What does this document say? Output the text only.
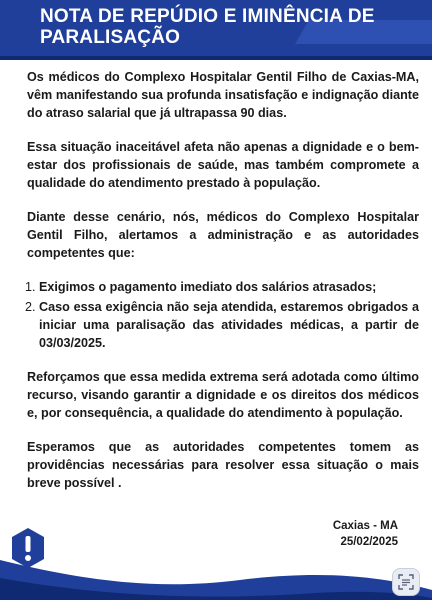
NOTA DE REPÚDIO E IMINÊNCIA DE PARALISAÇÃO

Os médicos do Complexo Hospitalar Gentil Filho de Caxias-MA, vêm manifestando sua profunda insatisfação e indignação diante do atraso salarial que já ultrapassa 90 dias.

Essa situação inaceitável afeta não apenas a dignidade e o bem-estar dos profissionais de saúde, mas também compromete a qualidade do atendimento prestado à população.

Diante desse cenário, nós, médicos do Complexo Hospitalar Gentil Filho, alertamos a administração e as autoridades competentes que:

1. Exigimos o pagamento imediato dos salários atrasados;
2. Caso essa exigência não seja atendida, estaremos obrigados a iniciar uma paralisação das atividades médicas, a partir de 03/03/2025.

Reforçamos que essa medida extrema será adotada como último recurso, visando garantir a dignidade e os direitos dos médicos e, por consequência, a qualidade do atendimento à população.

Esperamos que as autoridades competentes tomem as providências necessárias para resolver essa situação o mais breve possível .

Caxias - MA
25/02/2025
